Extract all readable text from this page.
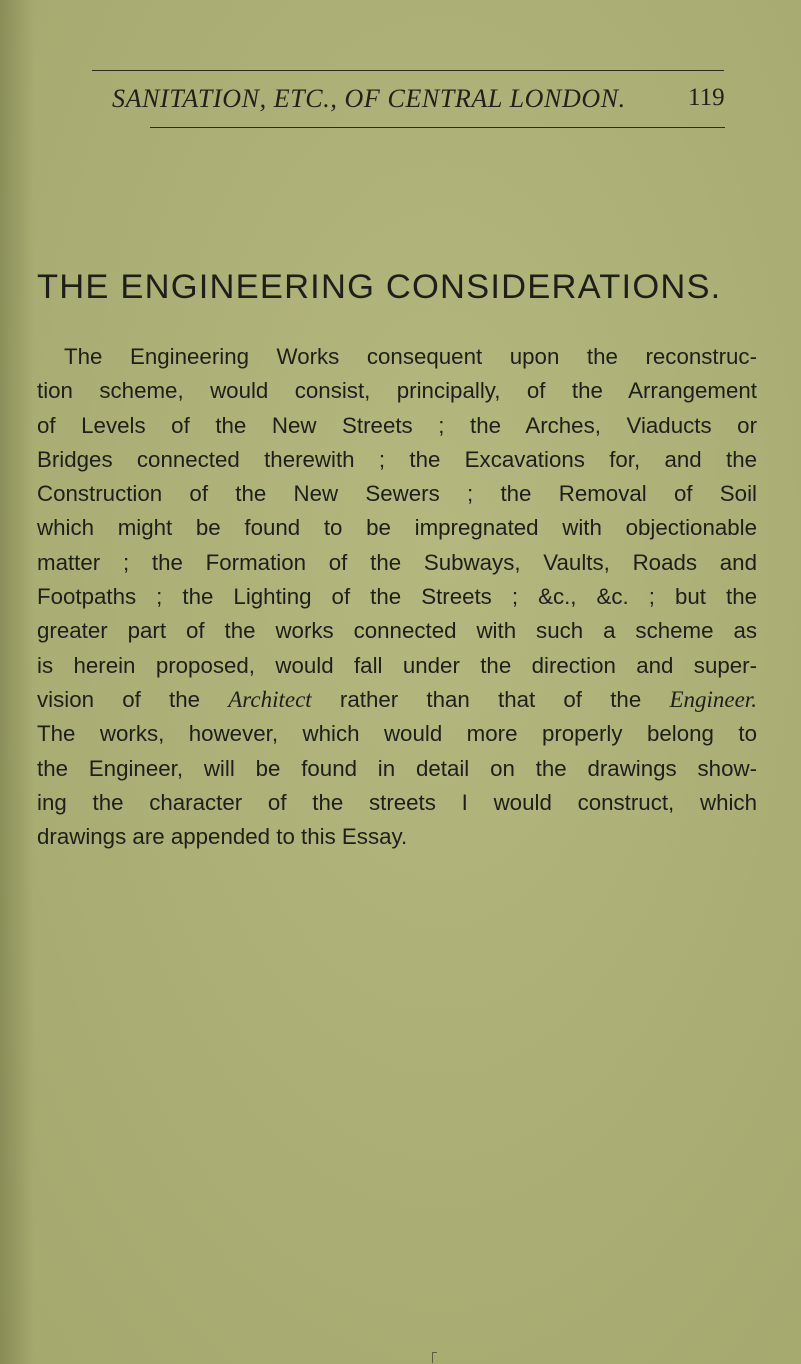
SANITATION, ETC., OF CENTRAL LONDON.	119
THE ENGINEERING CONSIDERATIONS.
The Engineering Works consequent upon the reconstruc-
tion scheme, would consist, principally, of the Arrangement
of Levels of the New Streets ; the Arches, Viaducts or
Bridges connected therewith ; the Excavations for, and the
Construction of the New Sewers ; the Removal of Soil
which might be found to be impregnated with objectionable
matter ; the Formation of the Subways, Vaults, Roads and
Footpaths ; the Lighting of the Streets ; &c., &c. ; but the
greater part of the works connected with such a scheme as
is herein proposed, would fall under the direction and super-
vision of the Architect rather than that of the Engineer.
The works, however, which would more properly belong to
the Engineer, will be found in detail on the drawings show-
ing the character of the streets I would construct, which
drawings are appended to this Essay.
